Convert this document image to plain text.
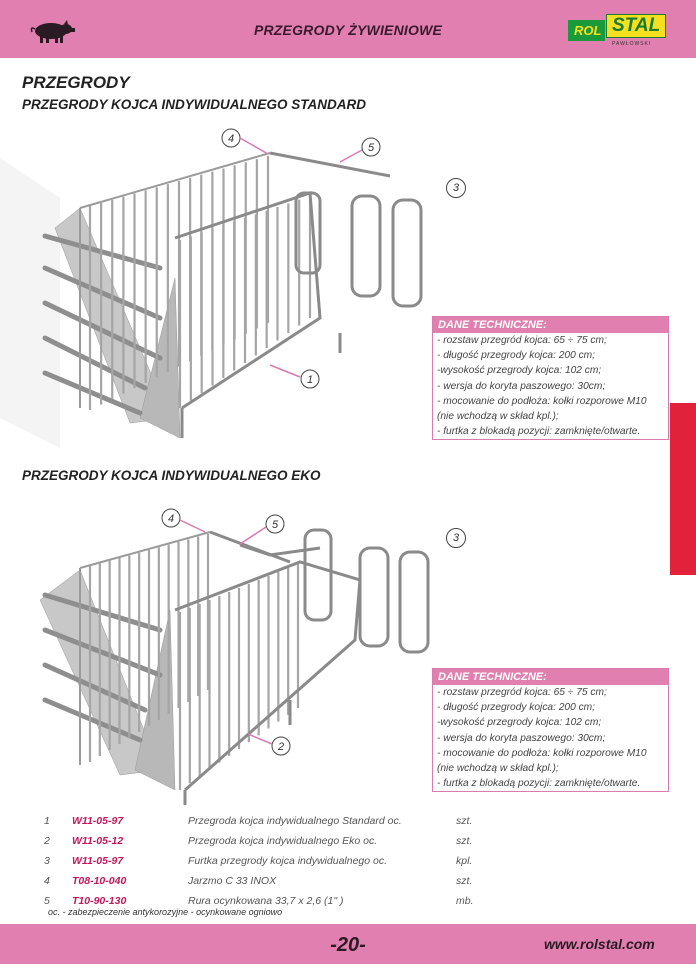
PRZEGRODY ŻYWIENIOWE	ROL STAL
PAWŁOWSKI
PRZEGRODY
PRZEGRODY KOJCA INDYWIDUALNEGO STANDARD
4
5
1
3
DANE TECHNICZNE:
- rozstaw przegród kojca: 65 ÷ 75 cm;
- długość przegrody kojca: 200 cm;
-wysokość przegrody kojca: 102 cm;
- wersja do koryta paszowego: 30cm;
- mocowanie do podłoża: kołki rozporowe M10
(nie wchodzą w skład kpl.);
- furtka z blokadą pozycji: zamknięte/otwarte.
PRZEGRODY KOJCA INDYWIDUALNEGO EKO
4	5
2
3
DANE TECHNICZNE:
- rozstaw przegród kojca: 65 ÷ 75 cm;
- długość przegrody kojca: 200 cm;
-wysokość przegrody kojca: 102 cm;
- wersja do koryta paszowego: 30cm;
- mocowanie do podłoża: kołki rozporowe M10
(nie wchodzą w skład kpl.);
- furtka z blokadą pozycji: zamknięte/otwarte.
1 W11-05-97	Przegroda kojca indywidualnego Standard oc.	szt.
2 W11-05-12	Przegroda kojca indywidualnego Eko oc.	szt.
3 W11-05-97	Furtka przegrody kojca indywidualnego oc.	kpl.
4 T08-10-040	Jarzmo C 33 INOX	szt.
5 T10-90-130	Rura ocynkowana 33,7 x 2,6 (1" )	mb.
oc. - zabezpieczenie antykorozyjne - ocynkowane ogniowo
-20-	www.rolstal.com
